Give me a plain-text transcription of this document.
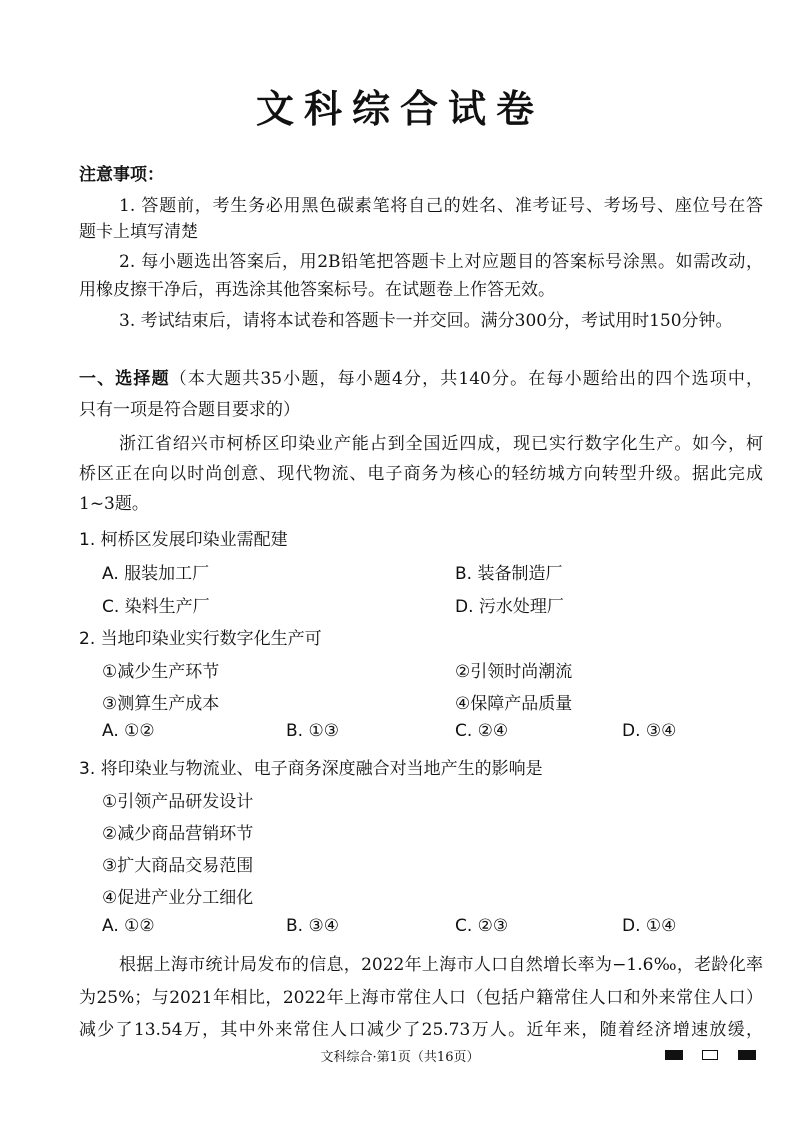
文科综合试卷
注意事项：
1. 答题前，考生务必用黑色碳素笔将自己的姓名、准考证号、考场号、座位号在答
题卡上填写清楚
2. 每小题选出答案后，用2B铅笔把答题卡上对应题目的答案标号涂黑。如需改动，
用橡皮擦干净后，再选涂其他答案标号。在试题卷上作答无效。
3. 考试结束后，请将本试卷和答题卡一并交回。满分300分，考试用时150分钟。
一、选择题（本大题共35小题，每小题4分，共140分。在每小题给出的四个选项中，
只有一项是符合题目要求的）
浙江省绍兴市柯桥区印染业产能占到全国近四成，现已实行数字化生产。如今，柯
桥区正在向以时尚创意、现代物流、电子商务为核心的轻纺城方向转型升级。据此完成
1~3题。
1. 柯桥区发展印染业需配建
A. 服装加工厂	B. 装备制造厂
C. 染料生产厂	D. 污水处理厂
2. 当地印染业实行数字化生产可
①减少生产环节	②引领时尚潮流
③测算生产成本	④保障产品质量
A. ①②	B. ①③	C. ②④	D. ③④
3. 将印染业与物流业、电子商务深度融合对当地产生的影响是
①引领产品研发设计
②减少商品营销环节
③扩大商品交易范围
④促进产业分工细化
A. ①②	B. ③④	C. ②③	D. ①④
根据上海市统计局发布的信息，2022年上海市人口自然增长率为−1.6‰，老龄化率
为25%；与2021年相比，2022年上海市常住人口（包括户籍常住人口和外来常住人口）
减少了13.54万，其中外来常住人口减少了25.73万人。近年来，随着经济增速放缓，
文科综合·第1页（共16页）
